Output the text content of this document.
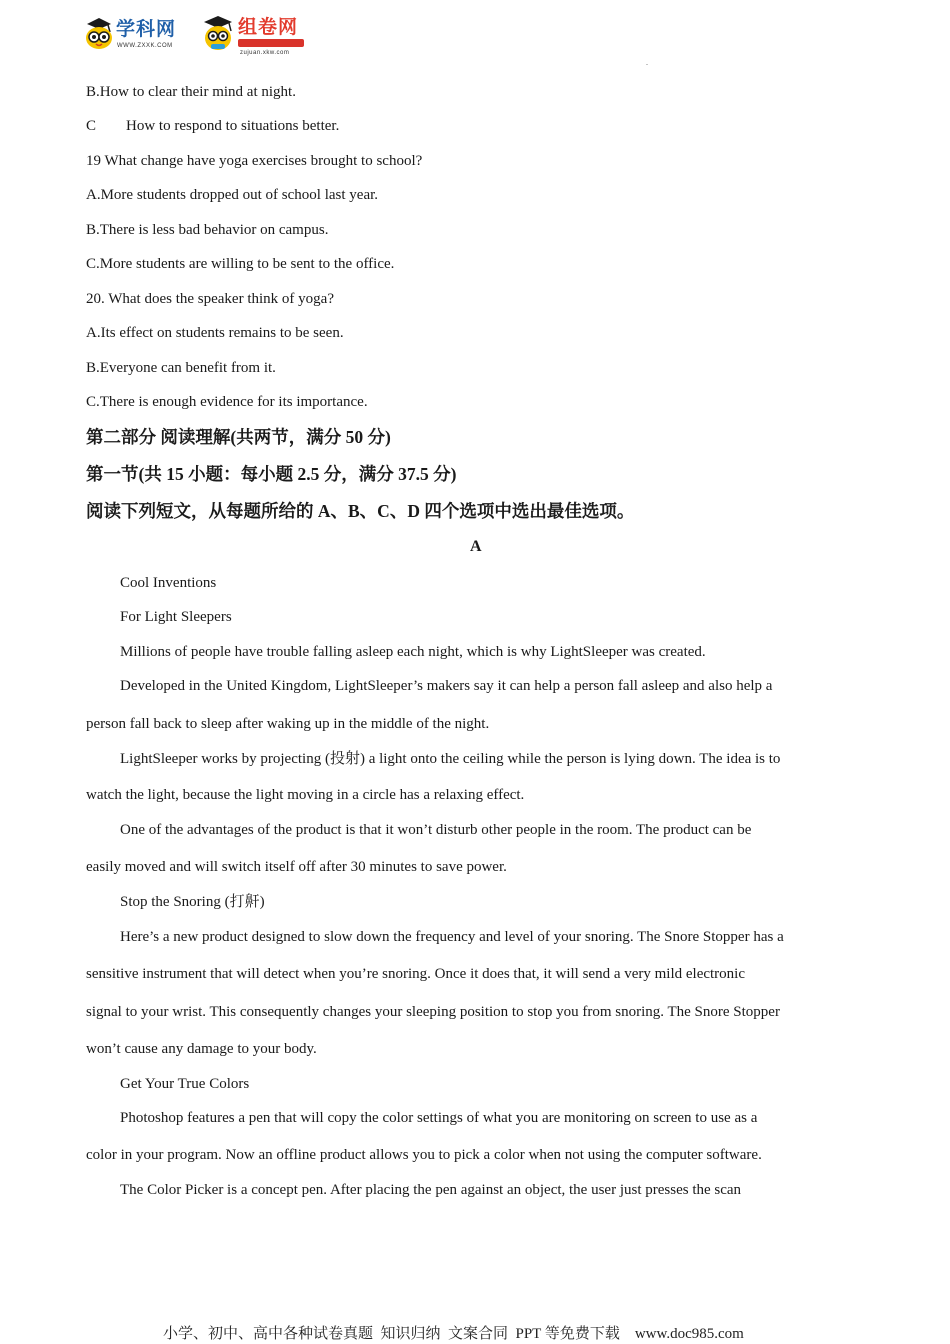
学科网
WWW.ZXXK.COM
组卷网
zujuan.xkw.com
.
B.How to clear their mind at night.
C        How to respond to situations better.
19 What change have yoga exercises brought to school?
A.More students dropped out of school last year.
B.There is less bad behavior on campus.
C.More students are willing to be sent to the office.
20. What does the speaker think of yoga?
A.Its effect on students remains to be seen.
B.Everyone can benefit from it.
C.There is enough evidence for its importance.
第二部分 阅读理解(共两节，满分 50 分)
第一节(共 15 小题：每小题 2.5 分，满分 37.5 分)
阅读下列短文，从每题所给的 A、B、C、D 四个选项中选出最佳选项。
A
Cool Inventions
For Light Sleepers
Millions of people have trouble falling asleep each night, which is why LightSleeper was created.
Developed in the United Kingdom, LightSleeper’s makers say it can help a person fall asleep and also help a
person fall back to sleep after waking up in the middle of the night.
LightSleeper works by projecting (投射) a light onto the ceiling while the person is lying down. The idea is to
watch the light, because the light moving in a circle has a relaxing effect.
One of the advantages of the product is that it won’t disturb other people in the room. The product can be
easily moved and will switch itself off after 30 minutes to save power.
Stop the Snoring (打鼾)
Here’s a new product designed to slow down the frequency and level of your snoring. The Snore Stopper has a
sensitive instrument that will detect when you’re snoring. Once it does that, it will send a very mild electronic
signal to your wrist. This consequently changes your sleeping position to stop you from snoring. The Snore Stopper
won’t cause any damage to your body.
Get Your True Colors
Photoshop features a pen that will copy the color settings of what you are monitoring on screen to use as a
color in your program. Now an offline product allows you to pick a color when not using the computer software.
The Color Picker is a concept pen. After placing the pen against an object, the user just presses the scan
小学、初中、高中各种试卷真题  知识归纳  文案合同  PPT 等免费下载    www.doc985.com
